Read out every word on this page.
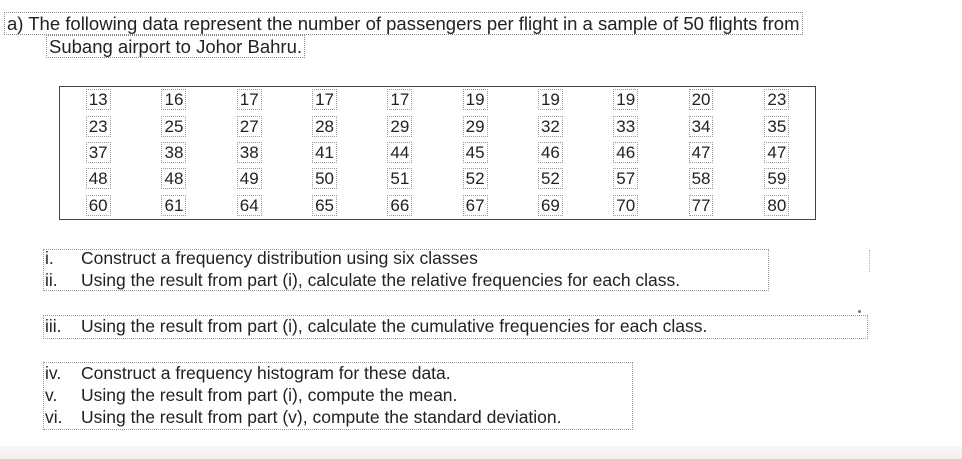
a) The following data represent the number of passengers per flight in a sample of 50 flights from
Subang airport to Johor Bahru.
13	16	17	17	17	19	19	19	20	23
23	25	27	28	29	29	32	33	34	35
37	38	38	41	44	45	46	46	47	47
48	48	49	50	51	52	52	57	58	59
60	61	64	65	66	67	69	70	77	80
i. Construct a frequency distribution using six classes
ii. Using the result from part (i), calculate the relative frequencies for each class.
iii. Using the result from part (i), calculate the cumulative frequencies for each class.
iv. Construct a frequency histogram for these data.
v. Using the result from part (i), compute the mean.
vi. Using the result from part (v), compute the standard deviation.
